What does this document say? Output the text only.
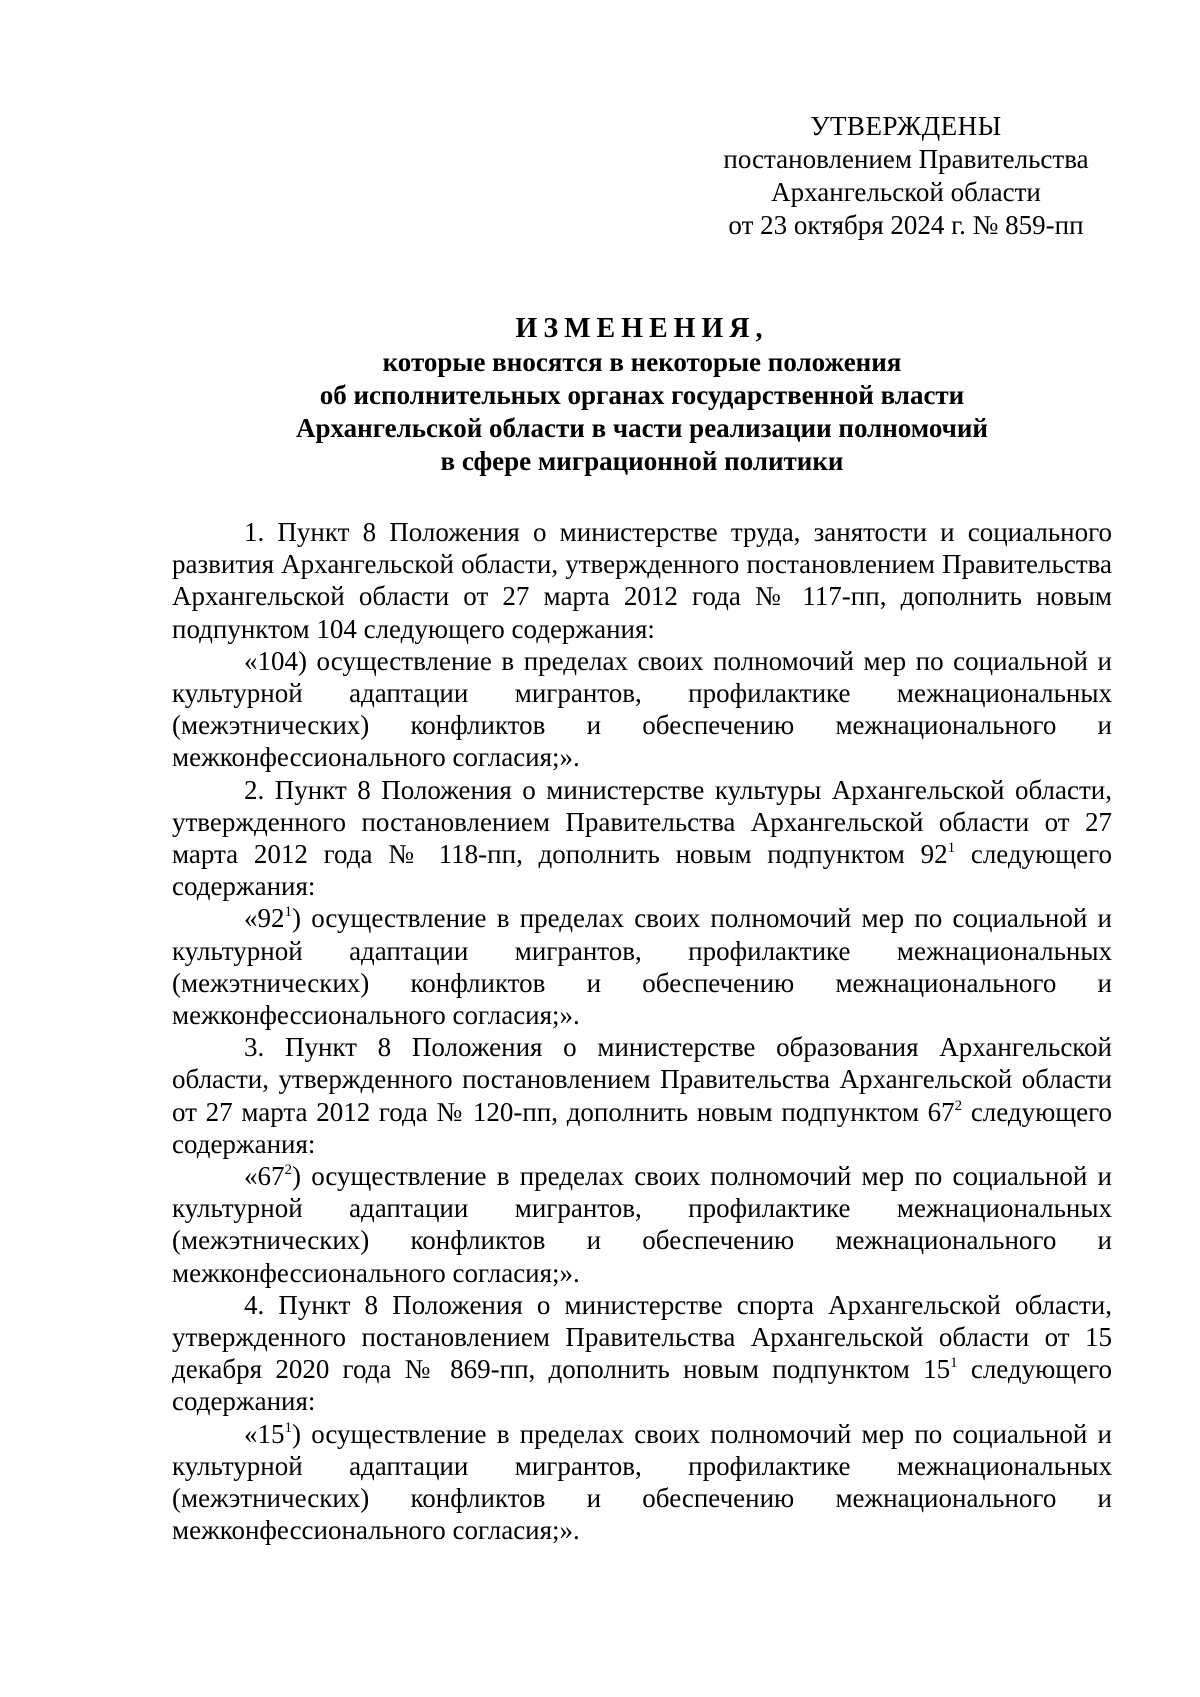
УТВЕРЖДЕНЫ
постановлением Правительства
Архангельской области
от 23 октября 2024 г. № 859-пп
ИЗМЕНЕНИЯ,
которые вносятся в некоторые положения
об исполнительных органах государственной власти
Архангельской области в части реализации полномочий
в сфере миграционной политики

1. Пункт 8 Положения о министерстве труда, занятости и социального развития Архангельской области, утвержденного постановлением Правительства Архангельской области от 27 марта 2012 года № 117-пп, дополнить новым подпунктом 104 следующего содержания:

«104) осуществление в пределах своих полномочий мер по социальной и культурной адаптации мигрантов, профилактике межнациональных (межэтнических) конфликтов и обеспечению межнационального и межконфессионального согласия;».

2. Пункт 8 Положения о министерстве культуры Архангельской области, утвержденного постановлением Правительства Архангельской области от 27 марта 2012 года № 118-пп, дополнить новым подпунктом $92^1$ следующего содержания:

«$92^1$) осуществление в пределах своих полномочий мер по социальной и культурной адаптации мигрантов, профилактике межнациональных (межэтнических) конфликтов и обеспечению межнационального и межконфессионального согласия;».

3. Пункт 8 Положения о министерстве образования Архангельской области, утвержденного постановлением Правительства Архангельской области от 27 марта 2012 года № 120-пп, дополнить новым подпунктом $67^2$ следующего содержания:

«$67^2$) осуществление в пределах своих полномочий мер по социальной и культурной адаптации мигрантов, профилактике межнациональных (межэтнических) конфликтов и обеспечению межнационального и межконфессионального согласия;».

4. Пункт 8 Положения о министерстве спорта Архангельской области, утвержденного постановлением Правительства Архангельской области от 15 декабря 2020 года № 869-пп, дополнить новым подпунктом $15^1$ следующего содержания:

«$15^1$) осуществление в пределах своих полномочий мер по социальной и культурной адаптации мигрантов, профилактике межнациональных (межэтнических) конфликтов и обеспечению межнационального и межконфессионального согласия;».
